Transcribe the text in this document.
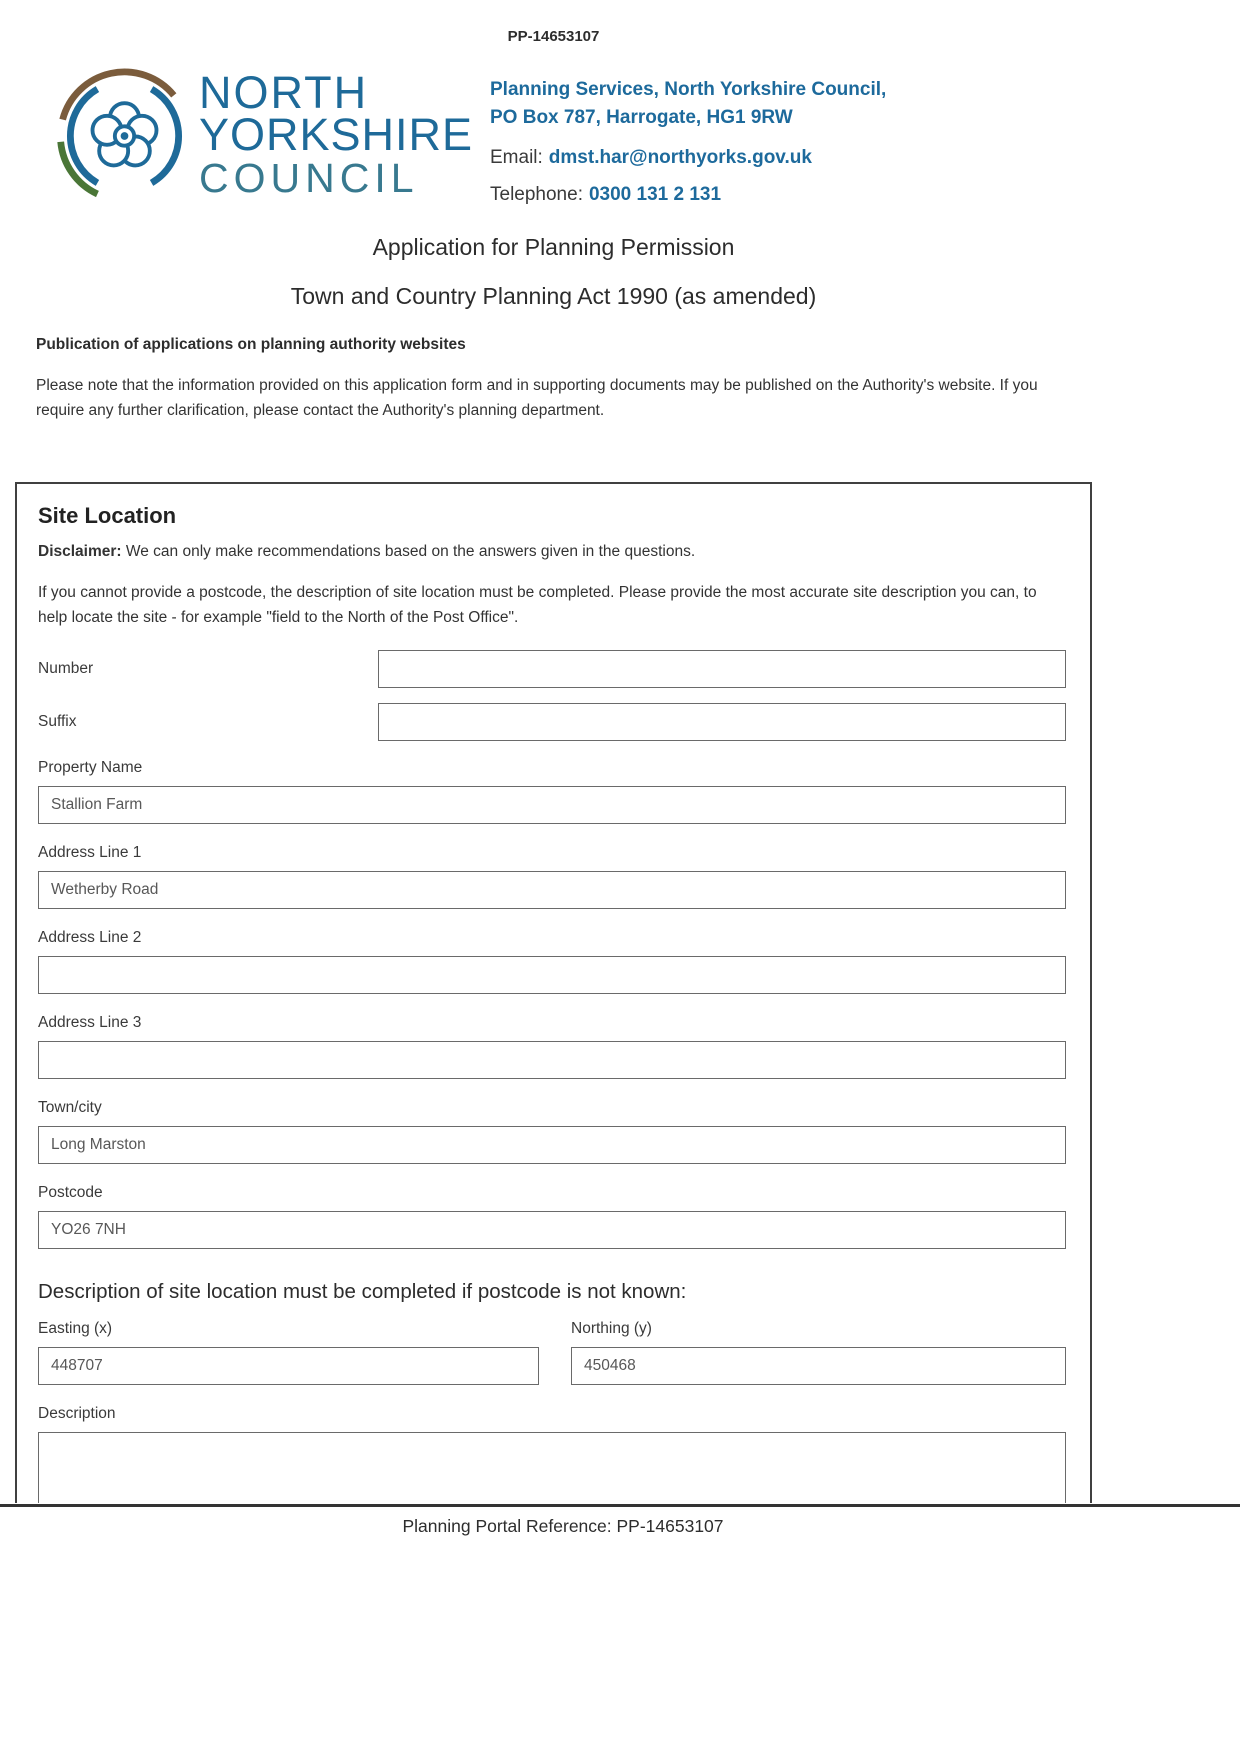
PP-14653107
NORTH
YORKSHIRE
COUNCIL
Planning Services, North Yorkshire Council,
PO Box 787, Harrogate, HG1 9RW
Email: dmst.har@northyorks.gov.uk
Telephone: 0300 131 2 131
Application for Planning Permission
Town and Country Planning Act 1990 (as amended)
Publication of applications on planning authority websites

Please note that the information provided on this application form and in supporting documents may be published on the Authority's website. If you require any further clarification, please contact the Authority's planning department.

Site Location

Disclaimer: We can only make recommendations based on the answers given in the questions.

If you cannot provide a postcode, the description of site location must be completed. Please provide the most accurate site description you can, to help locate the site - for example "field to the North of the Post Office".

Number
Suffix
Property Name
Stallion Farm
Address Line 1
Wetherby Road
Address Line 2
Address Line 3
Town/city
Long Marston
Postcode
YO26 7NH
Description of site location must be completed if postcode is not known:
Easting (x)
448707	Northing (y)
450468
Description
Planning Portal Reference: PP-14653107
